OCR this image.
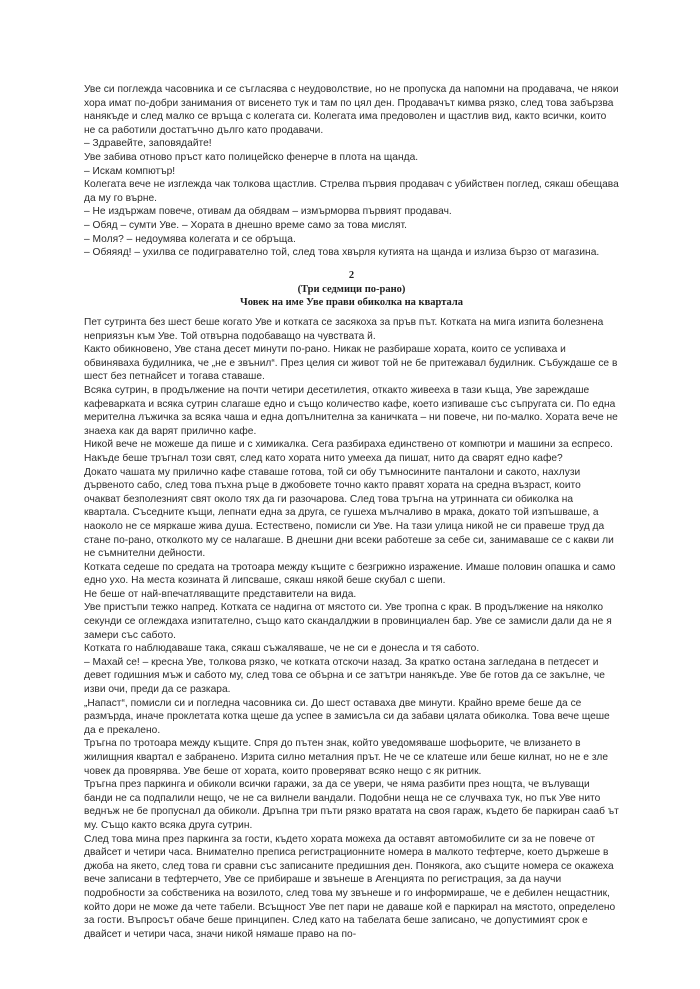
Уве си поглежда часовника и се съгласява с неудоволствие, но не пропуска да напомни на продавача, че някои хора имат по-добри занимания от висенето тук и там по цял ден. Продавачът кимва рязко, след това забързва нанякъде и след малко се връща с колегата си. Колегата има предоволен и щастлив вид, както всички, които не са работили достатъчно дълго като продавачи.

– Здравейте, заповядайте!

Уве забива отново пръст като полицейско фенерче в плота на щанда.

– Искам компютър!

Колегата вече не изглежда чак толкова щастлив. Стрелва първия продавач с убийствен поглед, сякаш обещава да му го върне.

– Не издържам повече, отивам да обядвам – измърморва първият продавач.

– Обяд – сумти Уве. – Хората в днешно време само за това мислят.

– Моля? – недоумява колегата и се обръща.

– Обяяяд! – ухилва се подигравателно той, след това хвърля кутията на щанда и излиза бързо от магазина.

2
(Три седмици по-рано)
Човек на име Уве прави обиколка на квартала

Пет сутринта без шест беше когато Уве и котката се засякоха за пръв път. Котката на мига изпита болезнена неприязън към Уве. Той отвърна подобаващо на чувствата й.

Както обикновено, Уве стана десет минути по-рано. Никак не разбираше хората, които се успиваха и обвиняваха будилника, че „не е звънил“. През целия си живот той не бе притежавал будилник. Събуждаше се в шест без петнайсет и тогава ставаше.

Всяка сутрин, в продължение на почти четири десетилетия, откакто живееха в тази къща, Уве зареждаше кафеварката и всяка сутрин слагаше едно и също количество кафе, което изпиваше със съпругата си. По една мерителна лъжичка за всяка чаша и една допълнителна за каничката – ни повече, ни по-малко. Хората вече не знаеха как да варят прилично кафе.

Никой вече не можеше да пише и с химикалка. Сега разбираха единствено от компютри и машини за еспресо. Накъде беше тръгнал този свят, след като хората нито умееха да пишат, нито да сварят едно кафе?

Докато чашата му прилично кафе ставаше готова, той си обу тъмносините панталони и сакото, нахлузи дървеното сабо, след това пъхна ръце в джобовете точно както правят хората на средна възраст, които очакват безполезният свят около тях да ги разочарова. След това тръгна на утринната си обиколка на квартала. Съседните къщи, лепнати една за друга, се гушеха мълчаливо в мрака, докато той изпъшваше, а наоколо не се мяркаше жива душа. Естествено, помисли си Уве. На тази улица никой не си правеше труд да стане по-рано, отколкото му се налагаше. В днешни дни всеки работеше за себе си, занимаваше се с какви ли не съмнителни дейности.

Котката седеше по средата на тротоара между къщите с безгрижно изражение. Имаше половин опашка и само едно ухо. На места козината й липсваше, сякаш някой беше скубал с шепи.

Не беше от най-впечатляващите представители на вида.

Уве пристъпи тежко напред. Котката се надигна от мястото си. Уве тропна с крак. В продължение на няколко секунди се оглеждаха изпитателно, също като скандалджии в провинциален бар. Уве се замисли дали да не я замери със сабото.

Котката го наблюдаваше така, сякаш съжаляваше, че не си е донесла и тя сабото.

– Махай се! – кресна Уве, толкова рязко, че котката отскочи назад. За кратко остана загледана в петдесет и девет годишния мъж и сабото му, след това се обърна и се затътри нанякъде. Уве бе готов да се закълне, че изви очи, преди да се разкара.

„Напаст“, помисли си и погледна часовника си. До шест оставаха две минути. Крайно време беше да се размърда, иначе проклетата котка щеше да успее в замисъла си да забави цялата обиколка. Това вече щеше да е прекалено.

Тръгна по тротоара между къщите. Спря до пътен знак, който уведомяваше шофьорите, че влизането в жилищния квартал е забранено. Изрита силно металния прът. Не че се клатеше или беше килнат, но не е зле човек да провярява. Уве беше от хората, които проверяват всяко нещо с як ритник.

Тръгна през паркинга и обиколи всички гаражи, за да се увери, че няма разбити през нощта, че вълуващи банди не са подпалили нещо, че не са вилнели вандали. Подобни неща не се случваха тук, но пък Уве нито веднъж не бе пропуснал да обиколи. Дръпна три пъти рязко вратата на своя гараж, където бе паркиран сааб ът му. Също както всяка друга сутрин.

След това мина през паркинга за гости, където хората можеха да оставят автомобилите си за не повече от двайсет и четири часа. Внимателно преписа регистрационните номера в малкото тефтерче, което държеше в джоба на якето, след това ги сравни със записаните предишния ден. Понякога, ако същите номера се окажеха вече записани в тефтерчето, Уве се прибираше и звънеше в Агенцията по регистрация, за да научи подробности за собственика на возилото, след това му звънеше и го информираше, че е дебилен нещастник, който дори не може да чете табели. Всъщност Уве пет пари не даваше кой е паркирал на мястото, определено за гости. Въпросът обаче беше принципен. След като на табелата беше записано, че допустимият срок е двайсет и четири часа, значи никой нямаше право на по-
